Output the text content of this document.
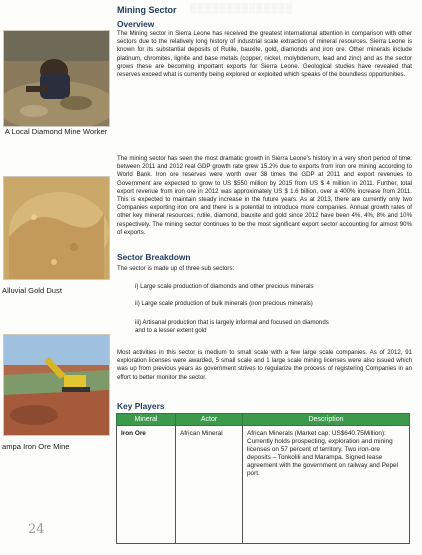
A Local Diamond Mine Worker
Alluvial Gold Dust
ampa Iron Ore Mine
Mining Sector ▒▒▒▒▒▒▒▒▒▒▒▒▒▒
Overview
The Mining sector in Sierra Leone has received the greatest international attention in comparison with other sectors due to the relatively long history of industrial scale extraction of mineral resources. Sierra Leone is known for its substantial deposits of Rutile, bauxite, gold, diamonds and iron ore. Other minerals include platinum, chromites, lignite and base metals (copper, nickel, molybdenum, lead and zinc) and as the sector grows these are becoming important exports for Sierra Leone. Geological studies have revealed that reserves exceed what is currently being explored or exploited which speaks of the boundless opportunities.
The mining sector has seen the most dramatic growth in Sierra Leone's history in a very short period of time: between 2011 and 2012 real GDP growth rate grew 15.2% due to exports from iron ore mining according to World Bank. Iron ore reserves were worth over 38 times the GDP at 2011 and export revenues to Government are expected to grow to US $550 million by 2015 from US $ 4 million in 2011. Further, total export revenue from iron ore in 2012 was approximately US $ 1.6 billion, over a 400% increase from 2011. This is expected to maintain steady increase in the future years. As at 2013, there are currently only two Companies exporting iron ore and there is a potential to introduce more companies. Annual growth rates of other key mineral resources; rutile, diamond, bauxite and gold since 2012 have been 4%, 4%, 8% and 10% respectively. The mining sector continues to be the most significant export sector accounting for almost 90% of exports.
Sector Breakdown
The sector is made up of three sub sectors:
i) Large scale production of diamonds and other precious minerals
ii) Large scale production of bulk minerals (non precious minerals)
iii) Artisanal production that is largely informal and focused on diamonds and to a lesser extent gold
Most activities in this sector is medium to small scale with a few large scale companies. As of 2012, 91 exploration licenses were awarded, 5 small scale and 1 large scale mining licenses were also issued which was up from previous years as government strives to regularize the process of registering Companies in an effort to better monitor the sector.
Key Players
Mineral	Actor	Description
Iron Ore	African Mineral	African Minerals (Market cap: US$640.75Million): Currently holds prospecting, exploration and mining licenses on 57 percent of territory. Two iron-ore deposits – Tonkolili and Marampa. Signed lease agreement with the government on railway and Pepel port.
24
